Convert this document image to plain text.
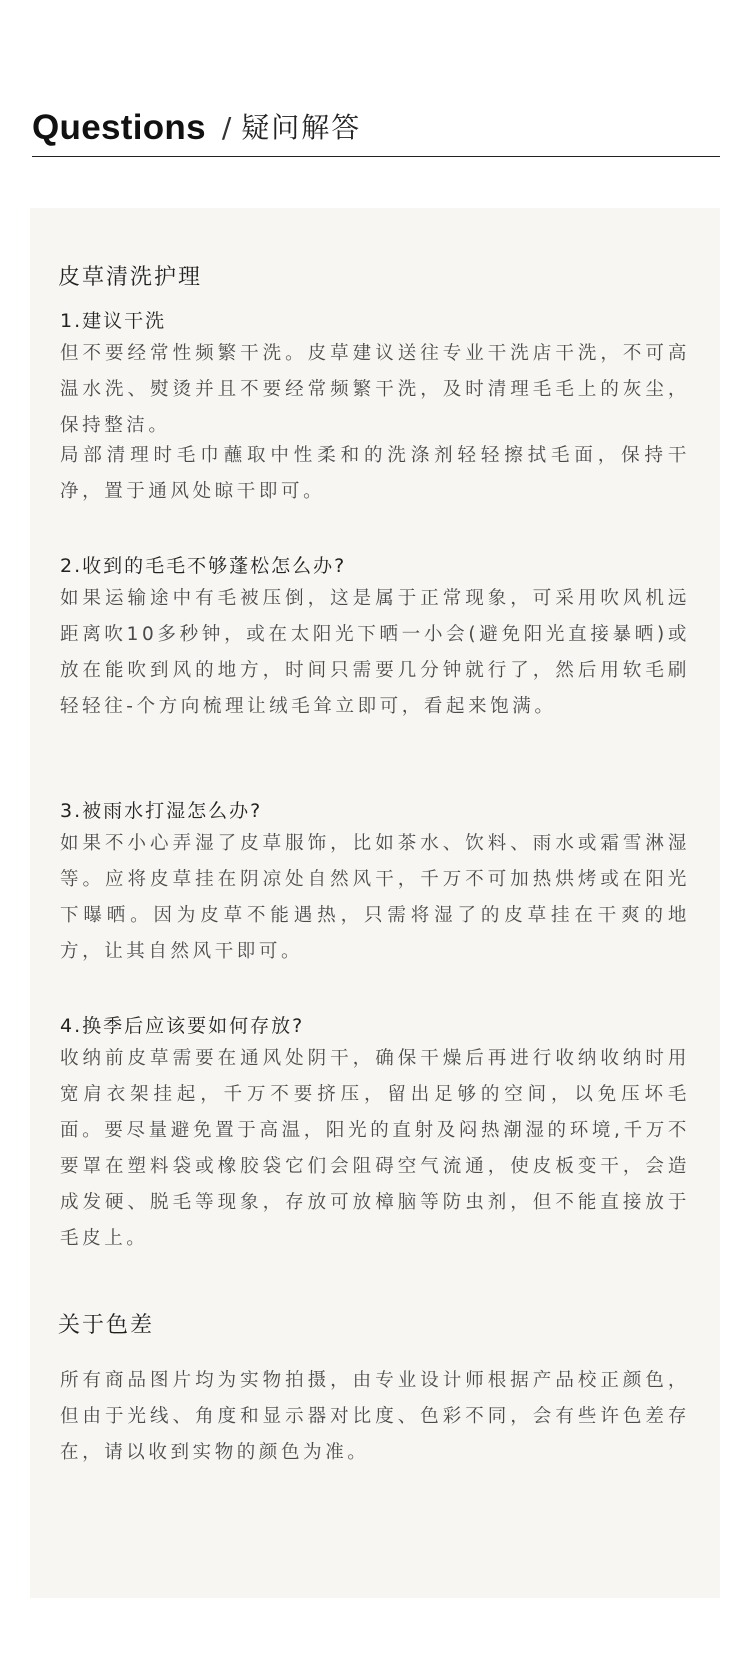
Questions / 疑问解答
皮草清洗护理
1.建议干洗
但不要经常性频繁干洗。皮草建议送往专业干洗店干洗，不可高温水洗、熨烫并且不要经常频繁干洗，及时清理毛毛上的灰尘，保持整洁。
局部清理时毛巾蘸取中性柔和的洗涤剂轻轻擦拭毛面，保持干净，置于通风处晾干即可。
2.收到的毛毛不够蓬松怎么办?
如果运输途中有毛被压倒，这是属于正常现象，可采用吹风机远距离吹10多秒钟，或在太阳光下晒一小会(避免阳光直接暴晒)或放在能吹到风的地方，时间只需要几分钟就行了，然后用软毛刷轻轻往-个方向梳理让绒毛耸立即可，看起来饱满。
3.被雨水打湿怎么办?
如果不小心弄湿了皮草服饰，比如茶水、饮料、雨水或霜雪淋湿等。应将皮草挂在阴凉处自然风干，千万不可加热烘烤或在阳光下曝晒。因为皮草不能遇热，只需将湿了的皮草挂在干爽的地方，让其自然风干即可。
4.换季后应该要如何存放?
收纳前皮草需要在通风处阴干，确保干燥后再进行收纳收纳时用宽肩衣架挂起，千万不要挤压，留出足够的空间，以免压坏毛面。要尽量避免置于高温，阳光的直射及闷热潮湿的环境,千万不要罩在塑料袋或橡胶袋它们会阻碍空气流通，使皮板变干，会造成发硬、脱毛等现象，存放可放樟脑等防虫剂，但不能直接放于毛皮上。
关于色差
所有商品图片均为实物拍摄，由专业设计师根据产品校正颜色，但由于光线、角度和显示器对比度、色彩不同，会有些许色差存在，请以收到实物的颜色为准。
